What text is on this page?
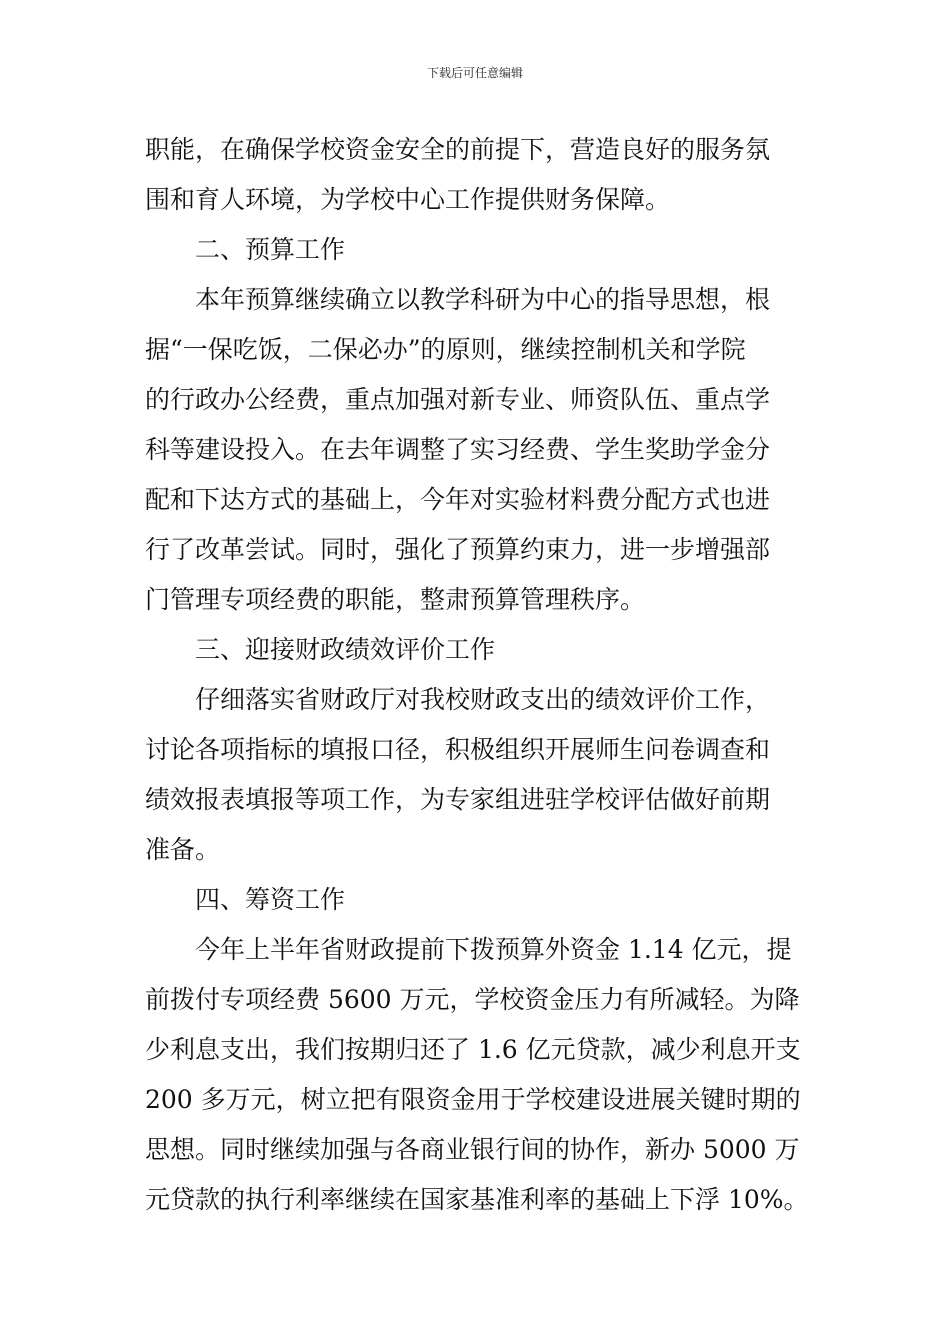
下载后可任意编辑
职能，在确保学校资金安全的前提下，营造良好的服务氛
围和育人环境，为学校中心工作提供财务保障。
二、预算工作
本年预算继续确立以教学科研为中心的指导思想，根
据“一保吃饭，二保必办”的原则，继续控制机关和学院
的行政办公经费，重点加强对新专业、师资队伍、重点学
科等建设投入。在去年调整了实习经费、学生奖助学金分
配和下达方式的基础上，今年对实验材料费分配方式也进
行了改革尝试。同时，强化了预算约束力，进一步增强部
门管理专项经费的职能，整肃预算管理秩序。
三、迎接财政绩效评价工作
仔细落实省财政厅对我校财政支出的绩效评价工作，
讨论各项指标的填报口径，积极组织开展师生问卷调查和
绩效报表填报等项工作，为专家组进驻学校评估做好前期
准备。
四、筹资工作
今年上半年省财政提前下拨预算外资金 1.14 亿元，提
前拨付专项经费 5600 万元，学校资金压力有所减轻。为降
少利息支出，我们按期归还了 1.6 亿元贷款，减少利息开支
200 多万元，树立把有限资金用于学校建设进展关键时期的
思想。同时继续加强与各商业银行间的协作，新办 5000 万
元贷款的执行利率继续在国家基准利率的基础上下浮 10%。
